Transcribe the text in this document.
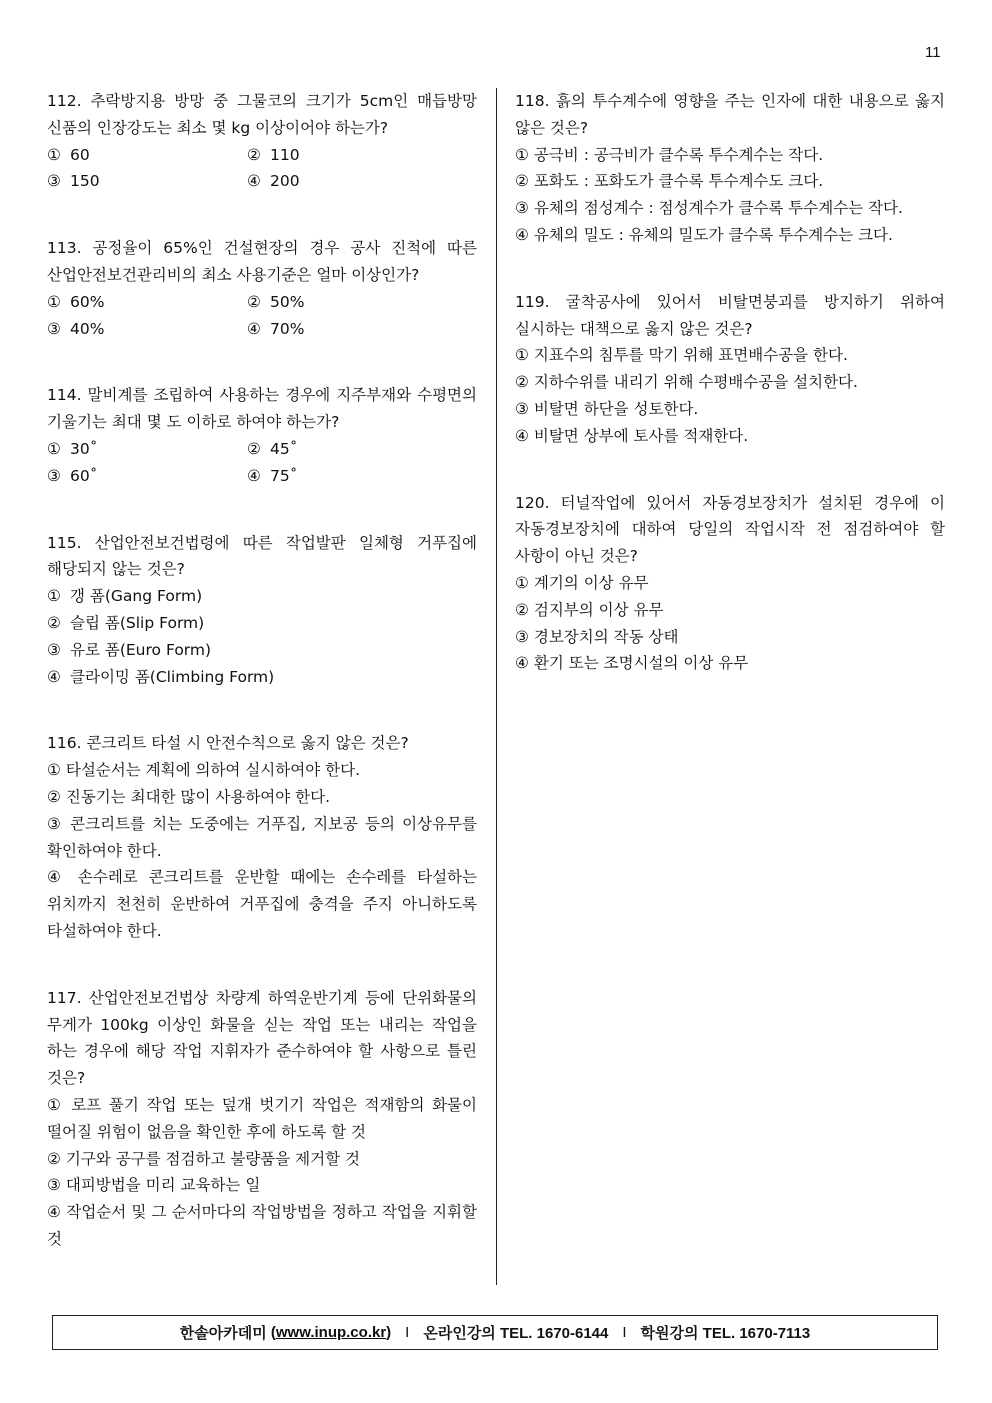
11

112. 추락방지용 방망 중 그물코의 크기가 5cm인 매듭방망 신품의 인장강도는 최소 몇 kg 이상이어야 하는가?

① 60	② 110
③ 150	④ 200

113. 공정율이 65%인 건설현장의 경우 공사 진척에 따른 산업안전보건관리비의 최소 사용기준은 얼마 이상인가?

① 60%	② 50%
③ 40%	④ 70%

114. 말비계를 조립하여 사용하는 경우에 지주부재와 수평면의 기울기는 최대 몇 도 이하로 하여야 하는가?

① 30˚	② 45˚
③ 60˚	④ 75˚

115. 산업안전보건법령에 따른 작업발판 일체형 거푸집에 해당되지 않는 것은?

① 갱 폼(Gang Form)
② 슬립 폼(Slip Form)
③ 유로 폼(Euro Form)
④ 클라이밍 폼(Climbing Form)

116. 콘크리트 타설 시 안전수칙으로 옳지 않은 것은?

① 타설순서는 계획에 의하여 실시하여야 한다.
② 진동기는 최대한 많이 사용하여야 한다.
③ 콘크리트를 치는 도중에는 거푸집, 지보공 등의 이상유무를 확인하여야 한다.
④ 손수레로 콘크리트를 운반할 때에는 손수레를 타설하는 위치까지 천천히 운반하여 거푸집에 충격을 주지 아니하도록 타설하여야 한다.

117. 산업안전보건법상 차량계 하역운반기계 등에 단위화물의 무게가 100kg 이상인 화물을 싣는 작업 또는 내리는 작업을 하는 경우에 해당 작업 지휘자가 준수하여야 할 사항으로 틀린 것은?

① 로프 풀기 작업 또는 덮개 벗기기 작업은 적재함의 화물이 떨어질 위험이 없음을 확인한 후에 하도록 할 것
② 기구와 공구를 점검하고 불량품을 제거할 것
③ 대피방법을 미리 교육하는 일
④ 작업순서 및 그 순서마다의 작업방법을 정하고 작업을 지휘할 것

118. 흙의 투수계수에 영향을 주는 인자에 대한 내용으로 옳지 않은 것은?

① 공극비 : 공극비가 클수록 투수계수는 작다.
② 포화도 : 포화도가 클수록 투수계수도 크다.
③ 유체의 점성계수 : 점성계수가 클수록 투수계수는 작다.
④ 유체의 밀도 : 유체의 밀도가 클수록 투수계수는 크다.

119. 굴착공사에 있어서 비탈면붕괴를 방지하기 위하여 실시하는 대책으로 옳지 않은 것은?

① 지표수의 침투를 막기 위해 표면배수공을 한다.
② 지하수위를 내리기 위해 수평배수공을 설치한다.
③ 비탈면 하단을 성토한다.
④ 비탈면 상부에 토사를 적재한다.

120. 터널작업에 있어서 자동경보장치가 설치된 경우에 이 자동경보장치에 대하여 당일의 작업시작 전 점검하여야 할 사항이 아닌 것은?

① 계기의 이상 유무
② 검지부의 이상 유무
③ 경보장치의 작동 상태
④ 환기 또는 조명시설의 이상 유무
한솔아카데미
( www.inup.co.kr ) I 온라인강의 TEL. 1670-6144 I 학원강의 TEL. 1670-7113
